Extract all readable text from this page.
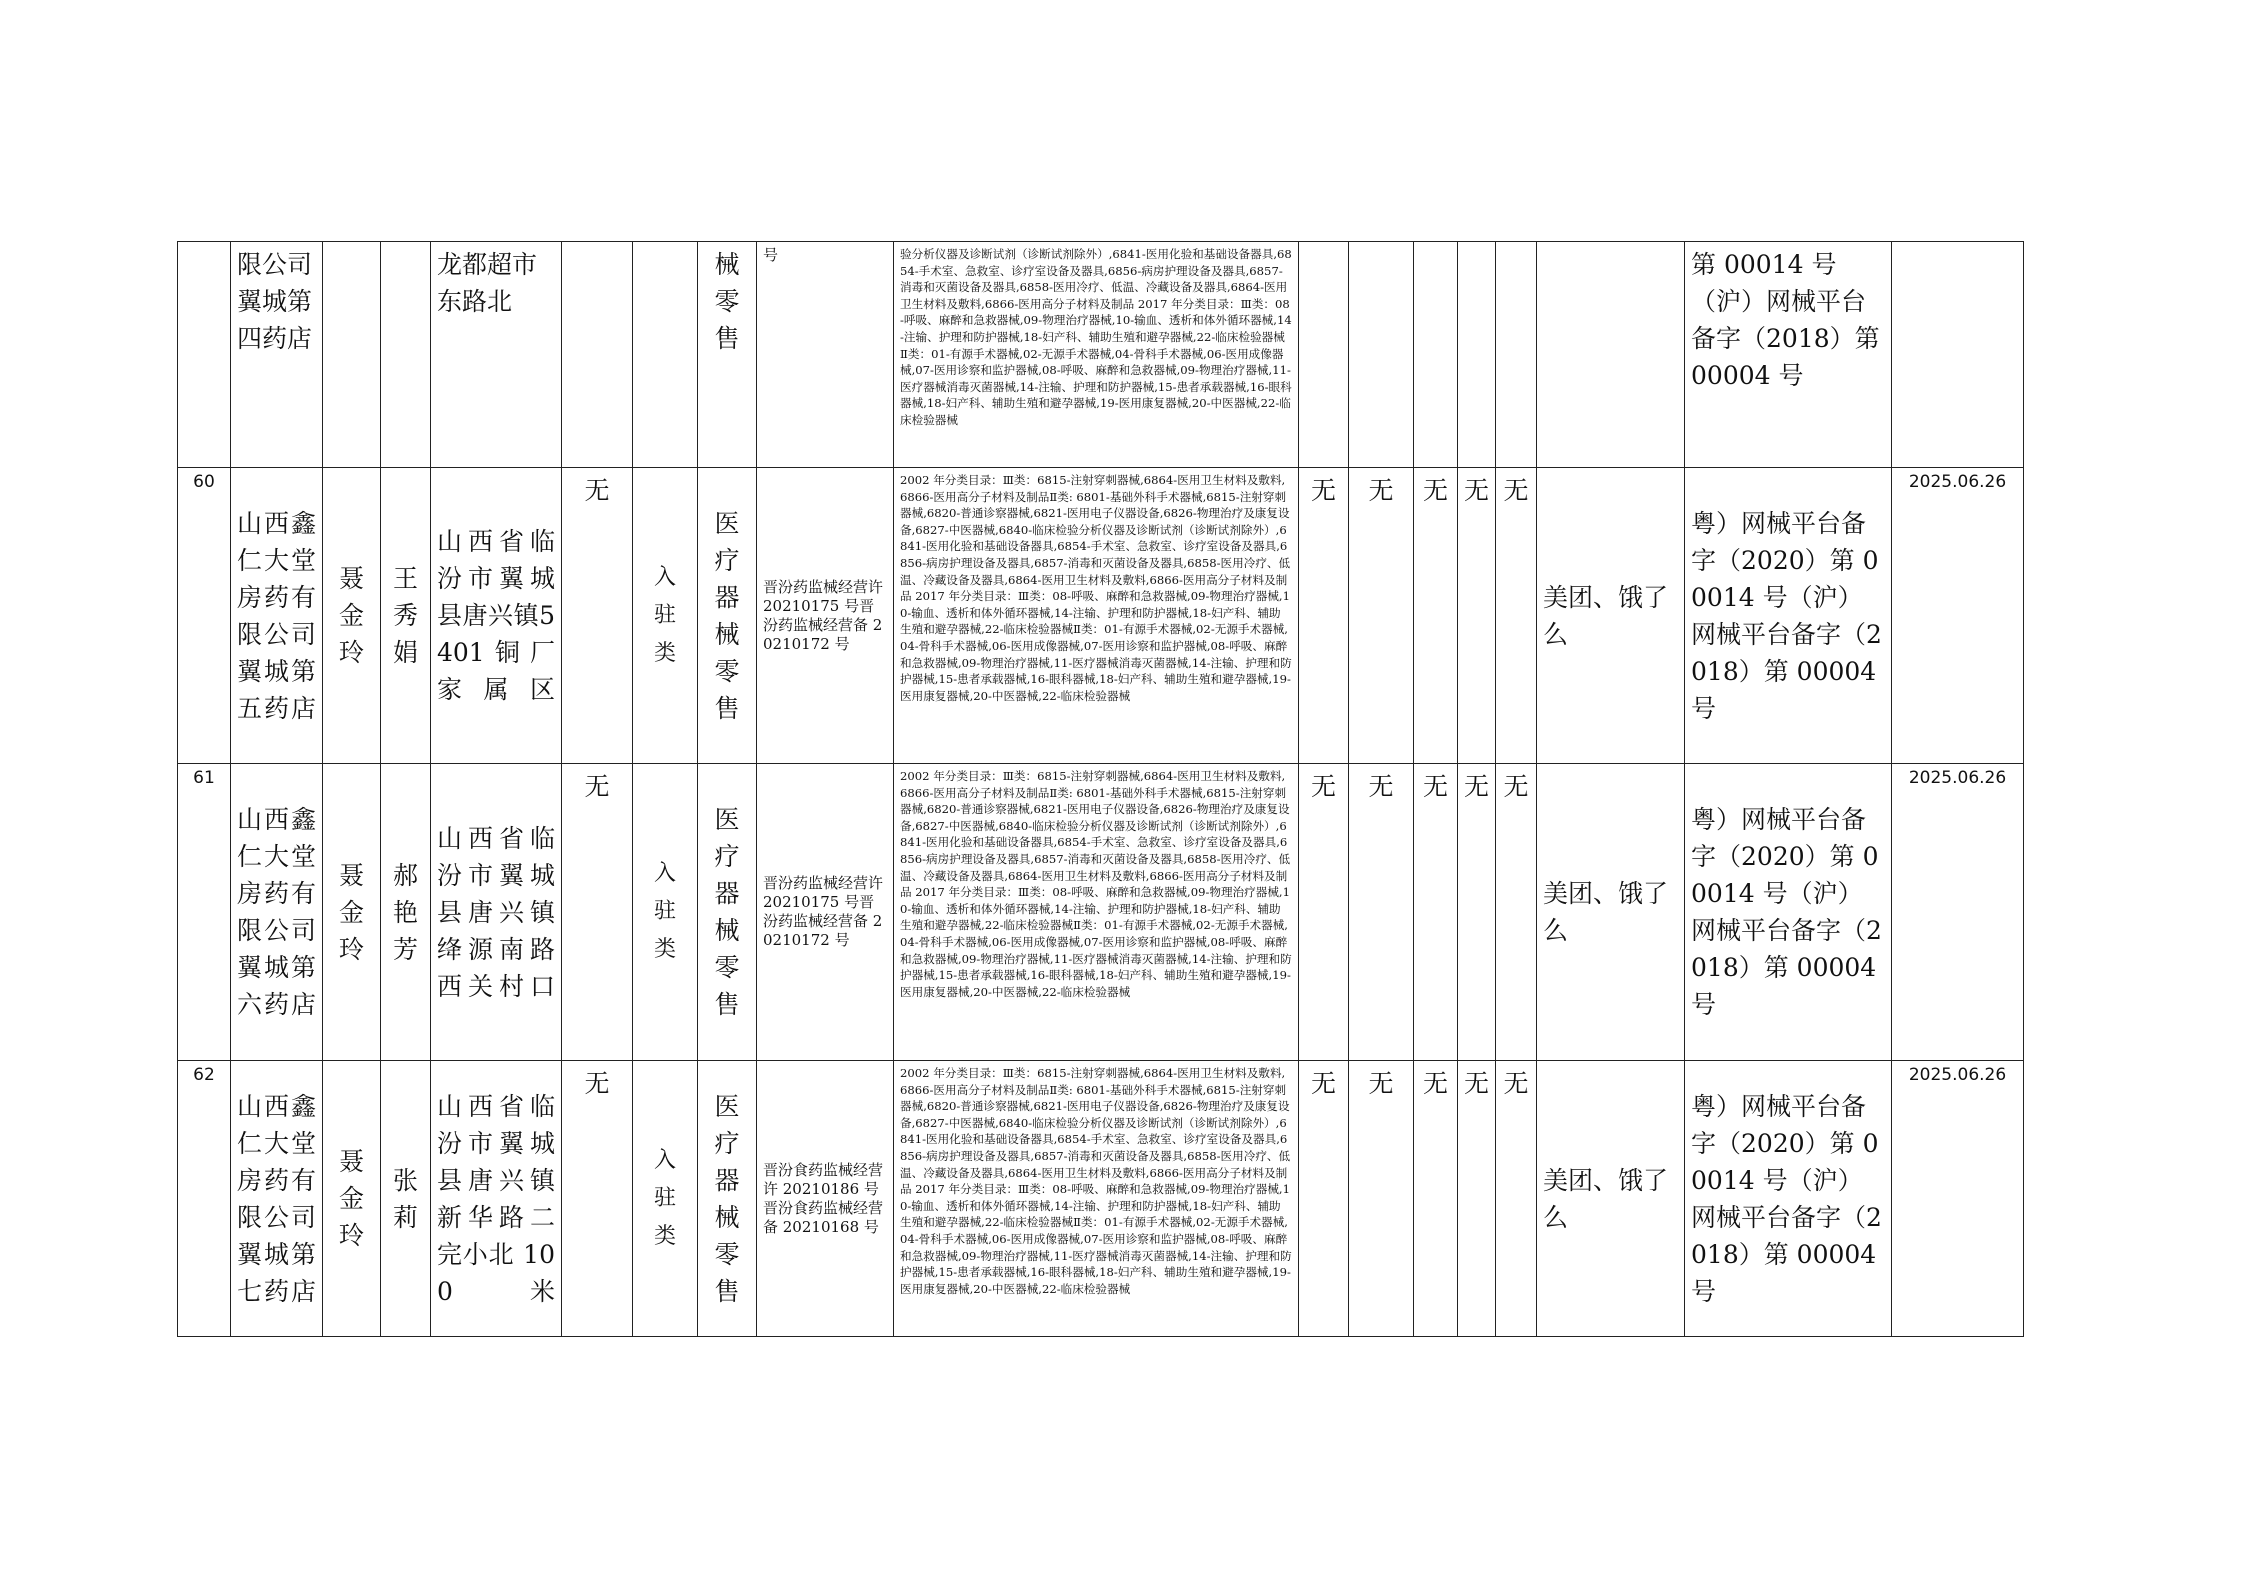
	限公司翼城第四药店			龙都超市东路北			械零售	号	验分析仪器及诊断试剂（诊断试剂除外）,6841-医用化验和基础设备器具,6854-手术室、急救室、诊疗室设备及器具,6856-病房护理设备及器具,6857-消毒和灭菌设备及器具,6858-医用冷疗、低温、冷藏设备及器具,6864-医用卫生材料及敷料,6866-医用高分子材料及制品 2017 年分类目录：Ⅲ类：08-呼吸、麻醉和急救器械,09-物理治疗器械,10-输血、透析和体外循环器械,14-注输、护理和防护器械,18-妇产科、辅助生殖和避孕器械,22-临床检验器械Ⅱ类：01-有源手术器械,02-无源手术器械,04-骨科手术器械,06-医用成像器械,07-医用诊察和监护器械,08-呼吸、麻醉和急救器械,09-物理治疗器械,11-医疗器械消毒灭菌器械,14-注输、护理和防护器械,15-患者承载器械,16-眼科器械,18-妇产科、辅助生殖和避孕器械,19-医用康复器械,20-中医器械,22-临床检验器械							第 00014 号（沪）网械平台备字（2018）第 00004 号	
60	山西鑫仁大堂房药有限公司翼城第五药店	聂金玲	王秀娟	山西省临汾市翼城县唐兴镇5401铜厂家属区	无	入驻类	医疗器械零售	晋汾药监械经营许 20210175 号晋汾药监械经营备 20210172 号	2002 年分类目录：Ⅲ类：6815-注射穿刺器械,6864-医用卫生材料及敷料,6866-医用高分子材料及制品Ⅱ类: 6801-基础外科手术器械,6815-注射穿刺器械,6820-普通诊察器械,6821-医用电子仪器设备,6826-物理治疗及康复设备,6827-中医器械,6840-临床检验分析仪器及诊断试剂（诊断试剂除外）,6841-医用化验和基础设备器具,6854-手术室、急救室、诊疗室设备及器具,6856-病房护理设备及器具,6857-消毒和灭菌设备及器具,6858-医用冷疗、低温、冷藏设备及器具,6864-医用卫生材料及敷料,6866-医用高分子材料及制品 2017 年分类目录：Ⅲ类：08-呼吸、麻醉和急救器械,09-物理治疗器械,10-输血、透析和体外循环器械,14-注输、护理和防护器械,18-妇产科、辅助生殖和避孕器械,22-临床检验器械Ⅱ类：01-有源手术器械,02-无源手术器械,04-骨科手术器械,06-医用成像器械,07-医用诊察和监护器械,08-呼吸、麻醉和急救器械,09-物理治疗器械,11-医疗器械消毒灭菌器械,14-注输、护理和防护器械,15-患者承载器械,16-眼科器械,18-妇产科、辅助生殖和避孕器械,19-医用康复器械,20-中医器械,22-临床检验器械	无	无	无	无	无	美团、饿了么	粤）网械平台备字（2020）第 00014 号（沪）网械平台备字（2018）第 00004 号	2025.06.26
61	山西鑫仁大堂房药有限公司翼城第六药店	聂金玲	郝艳芳	山西省临汾市翼城县唐兴镇绛源南路西关村口	无	入驻类	医疗器械零售	晋汾药监械经营许 20210175 号晋汾药监械经营备 20210172 号	2002 年分类目录：Ⅲ类：6815-注射穿刺器械,6864-医用卫生材料及敷料,6866-医用高分子材料及制品Ⅱ类: 6801-基础外科手术器械,6815-注射穿刺器械,6820-普通诊察器械,6821-医用电子仪器设备,6826-物理治疗及康复设备,6827-中医器械,6840-临床检验分析仪器及诊断试剂（诊断试剂除外）,6841-医用化验和基础设备器具,6854-手术室、急救室、诊疗室设备及器具,6856-病房护理设备及器具,6857-消毒和灭菌设备及器具,6858-医用冷疗、低温、冷藏设备及器具,6864-医用卫生材料及敷料,6866-医用高分子材料及制品 2017 年分类目录：Ⅲ类：08-呼吸、麻醉和急救器械,09-物理治疗器械,10-输血、透析和体外循环器械,14-注输、护理和防护器械,18-妇产科、辅助生殖和避孕器械,22-临床检验器械Ⅱ类：01-有源手术器械,02-无源手术器械,04-骨科手术器械,06-医用成像器械,07-医用诊察和监护器械,08-呼吸、麻醉和急救器械,09-物理治疗器械,11-医疗器械消毒灭菌器械,14-注输、护理和防护器械,15-患者承载器械,16-眼科器械,18-妇产科、辅助生殖和避孕器械,19-医用康复器械,20-中医器械,22-临床检验器械	无	无	无	无	无	美团、饿了么	粤）网械平台备字（2020）第 00014 号（沪）网械平台备字（2018）第 00004 号	2025.06.26
62	山西鑫仁大堂房药有限公司翼城第七药店	聂金玲	张莉	山西省临汾市翼城县唐兴镇新华路二完小北 100 米	无	入驻类	医疗器械零售	晋汾食药监械经营许 20210186 号晋汾食药监械经营备 20210168 号	2002 年分类目录：Ⅲ类：6815-注射穿刺器械,6864-医用卫生材料及敷料,6866-医用高分子材料及制品Ⅱ类: 6801-基础外科手术器械,6815-注射穿刺器械,6820-普通诊察器械,6821-医用电子仪器设备,6826-物理治疗及康复设备,6827-中医器械,6840-临床检验分析仪器及诊断试剂（诊断试剂除外）,6841-医用化验和基础设备器具,6854-手术室、急救室、诊疗室设备及器具,6856-病房护理设备及器具,6857-消毒和灭菌设备及器具,6858-医用冷疗、低温、冷藏设备及器具,6864-医用卫生材料及敷料,6866-医用高分子材料及制品 2017 年分类目录：Ⅲ类：08-呼吸、麻醉和急救器械,09-物理治疗器械,10-输血、透析和体外循环器械,14-注输、护理和防护器械,18-妇产科、辅助生殖和避孕器械,22-临床检验器械Ⅱ类：01-有源手术器械,02-无源手术器械,04-骨科手术器械,06-医用成像器械,07-医用诊察和监护器械,08-呼吸、麻醉和急救器械,09-物理治疗器械,11-医疗器械消毒灭菌器械,14-注输、护理和防护器械,15-患者承载器械,16-眼科器械,18-妇产科、辅助生殖和避孕器械,19-医用康复器械,20-中医器械,22-临床检验器械	无	无	无	无	无	美团、饿了么	粤）网械平台备字（2020）第 00014 号（沪）网械平台备字（2018）第 00004 号	2025.06.26
